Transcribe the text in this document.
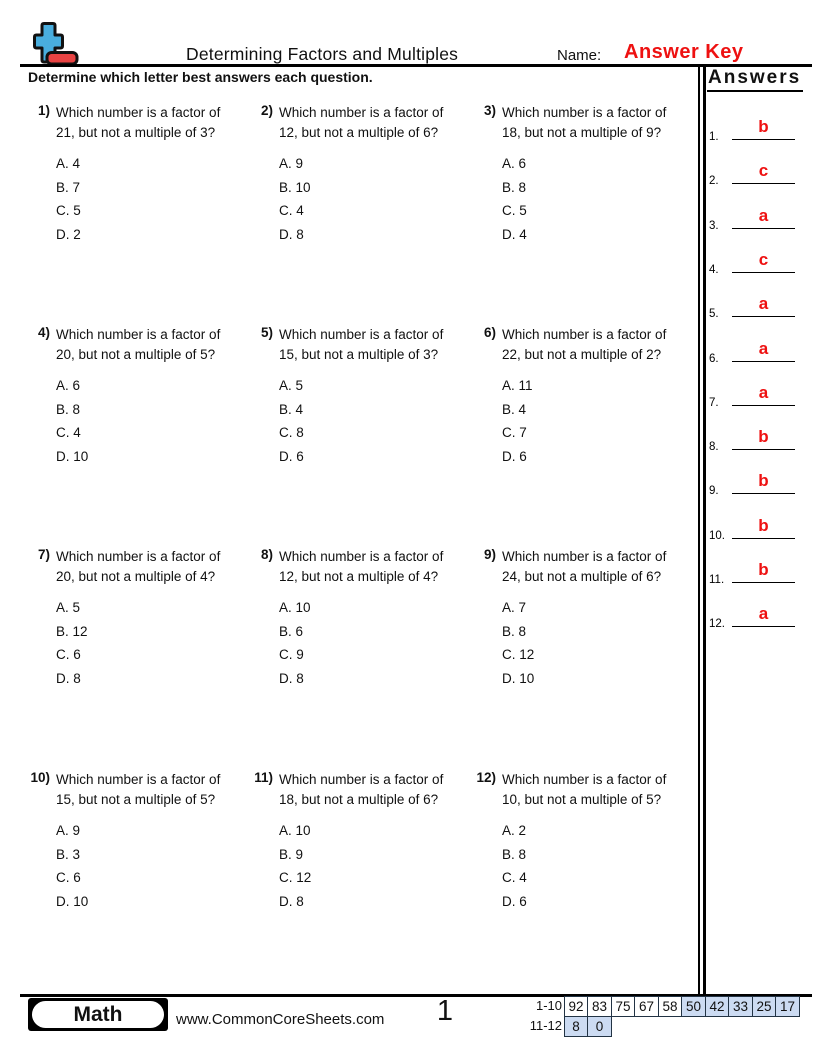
Determining Factors and Multiples	Name: Answer Key
Determine which letter best answers each question.
1) Which number is a factor of 21, but not a multiple of 3?

A. 4
B. 7
C. 5
D. 2
2) Which number is a factor of 12, but not a multiple of 6?

A. 9
B. 10
C. 4
D. 8
3) Which number is a factor of 18, but not a multiple of 9?

A. 6
B. 8
C. 5
D. 4
4) Which number is a factor of 20, but not a multiple of 5?

A. 6
B. 8
C. 4
D. 10
5) Which number is a factor of 15, but not a multiple of 3?

A. 5
B. 4
C. 8
D. 6
6) Which number is a factor of 22, but not a multiple of 2?

A. 11
B. 4
C. 7
D. 6
7) Which number is a factor of 20, but not a multiple of 4?

A. 5
B. 12
C. 6
D. 8
8) Which number is a factor of 12, but not a multiple of 4?

A. 10
B. 6
C. 9
D. 8
9) Which number is a factor of 24, but not a multiple of 6?

A. 7
B. 8
C. 12
D. 10
10) Which number is a factor of 15, but not a multiple of 5?

A. 9
B. 3
C. 6
D. 10
11) Which number is a factor of 18, but not a multiple of 6?

A. 10
B. 9
C. 12
D. 8
12) Which number is a factor of 10, but not a multiple of 5?

A. 2
B. 8
C. 4
D. 6
Answers
1.
b
2.
c
3.
a
4.
c
5.
a
6.
a
7.
a
8.
b
9.
b
10.
b
11.
b
12.
a
Math	www.CommonCoreSheets.com	1	1-10 92 83 75 67 58 50 42 33 25 17
11-12 8	0
